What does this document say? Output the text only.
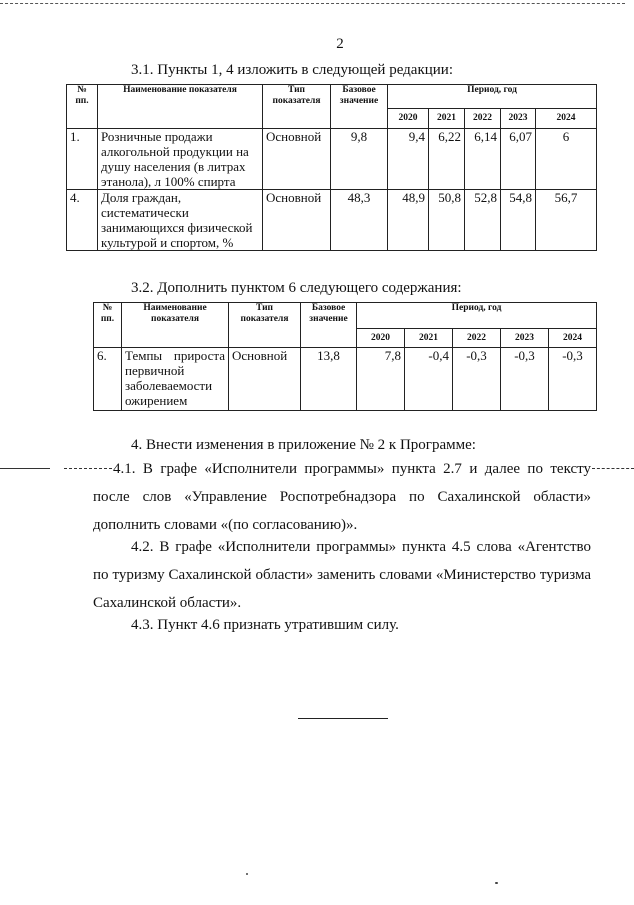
2
3.1. Пункты 1, 4 изложить в следующей редакции:
№ пп.	Наименование показателя	Тип показателя	Базовое значение	Период, год				
				2020	2021	2022	2023	2024
1.	Розничные продажи алкогольной продукции на душу населения (в литрах этанола), л 100% спирта	Основной	9,8	9,4	6,22	6,14	6,07	6
4.	Доля граждан, систематически занимающихся физической культурой и спортом, %	Основной	48,3	48,9	50,8	52,8	54,8	56,7
3.2. Дополнить пунктом 6 следующего содержания:
№ пп.	Наименование показателя	Тип показателя	Базовое значение	Период, год				
				2020	2021	2022	2023	2024
6.	Темпы прироста первичной заболеваемости ожирением	Основной	13,8	7,8	-0,4	-0,3	-0,3	-0,3
4. Внести изменения в приложение № 2 к Программе:
4.1. В графе «Исполнители программы» пункта 2.7 и далее по тексту
после слов «Управление Роспотребнадзора по Сахалинской области» дополнить словами «(по согласованию)».
4.2. В графе «Исполнители программы» пункта 4.5 слова «Агентство по туризму Сахалинской области» заменить словами «Министерство туризма Сахалинской области».
4.3. Пункт 4.6 признать утратившим силу.
